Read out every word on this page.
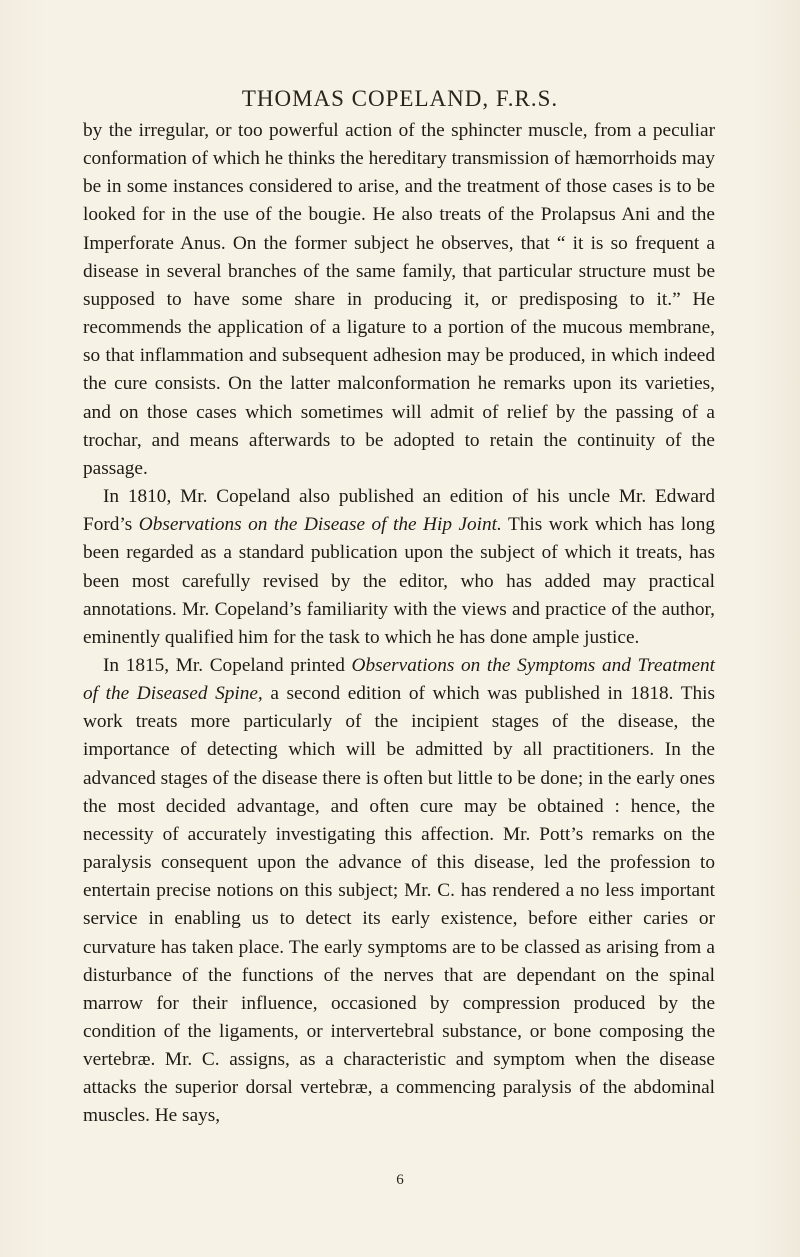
THOMAS COPELAND, F.R.S.

by the irregular, or too powerful action of the sphincter muscle, from a peculiar conformation of which he thinks the hereditary transmission of hæmorrhoids may be in some instances considered to arise, and the treatment of those cases is to be looked for in the use of the bougie. He also treats of the Prolapsus Ani and the Imperforate Anus. On the former subject he observes, that “ it is so frequent a disease in several branches of the same family, that particular structure must be supposed to have some share in producing it, or predisposing to it.” He recommends the application of a ligature to a portion of the mucous membrane, so that inflammation and subsequent adhesion may be produced, in which indeed the cure consists. On the latter malconformation he remarks upon its varieties, and on those cases which sometimes will admit of relief by the passing of a trochar, and means afterwards to be adopted to retain the continuity of the passage.

In 1810, Mr. Copeland also published an edition of his uncle Mr. Edward Ford’s Observations on the Disease of the Hip Joint. This work which has long been regarded as a standard publication upon the subject of which it treats, has been most carefully revised by the editor, who has added may practical annotations. Mr. Copeland’s familiarity with the views and practice of the author, eminently qualified him for the task to which he has done ample justice.

In 1815, Mr. Copeland printed Observations on the Symptoms and Treatment of the Diseased Spine, a second edition of which was published in 1818. This work treats more particularly of the incipient stages of the disease, the importance of detecting which will be admitted by all practitioners. In the advanced stages of the disease there is often but little to be done; in the early ones the most decided advantage, and often cure may be obtained : hence, the necessity of accurately investigating this affection. Mr. Pott’s remarks on the paralysis consequent upon the advance of this disease, led the profession to entertain precise notions on this subject; Mr. C. has rendered a no less important service in enabling us to detect its early existence, before either caries or curvature has taken place. The early symptoms are to be classed as arising from a disturbance of the functions of the nerves that are dependant on the spinal marrow for their influence, occasioned by compression produced by the condition of the ligaments, or intervertebral substance, or bone composing the vertebræ. Mr. C. assigns, as a characteristic and symptom when the disease attacks the superior dorsal vertebræ, a commencing paralysis of the abdominal muscles. He says,

6
